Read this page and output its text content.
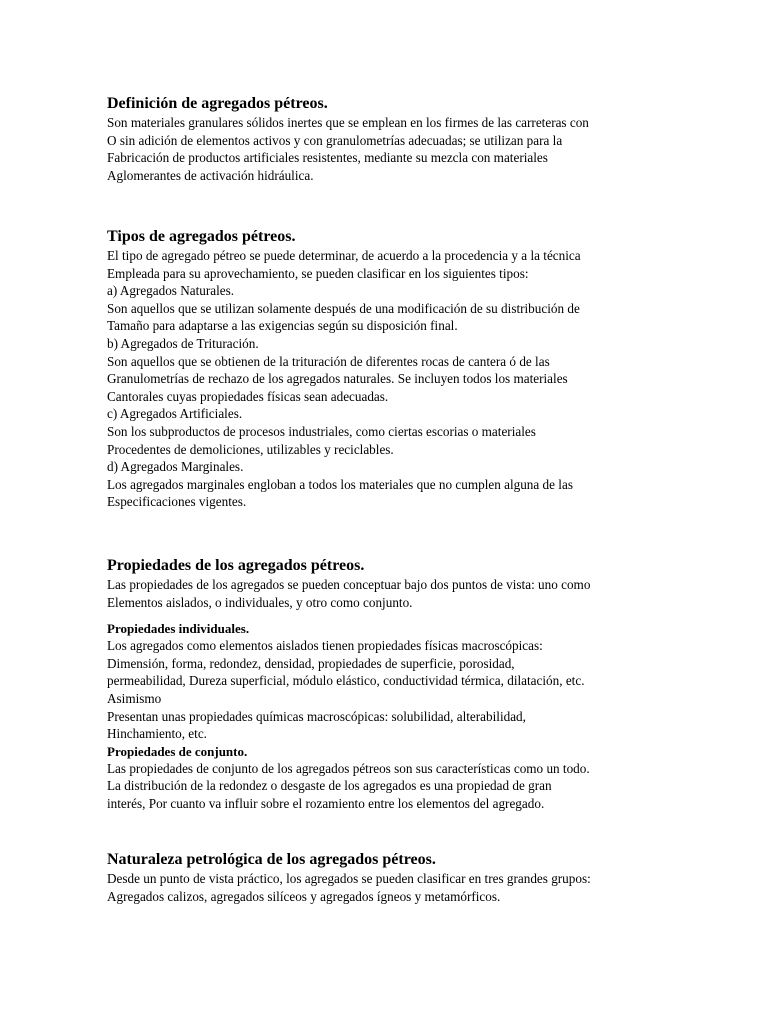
Definición de agregados pétreos.
Son materiales granulares sólidos inertes que se emplean en los firmes de las carreteras con
O sin adición de elementos activos y con granulometrías adecuadas; se utilizan para la
Fabricación de productos artificiales resistentes, mediante su mezcla con materiales
Aglomerantes de activación hidráulica.
Tipos de agregados pétreos.
El tipo de agregado pétreo se puede determinar, de acuerdo a la procedencia y a la técnica
Empleada para su aprovechamiento, se pueden clasificar en los siguientes tipos:
a) Agregados Naturales.
Son aquellos que se utilizan solamente después de una modificación de su distribución de
Tamaño para adaptarse a las exigencias según su disposición final.
b) Agregados de Trituración.
Son aquellos que se obtienen de la trituración de diferentes rocas de cantera ó de las
Granulometrías de rechazo de los agregados naturales. Se incluyen todos los materiales
Cantorales cuyas propiedades físicas sean adecuadas.
c) Agregados Artificiales.
Son los subproductos de procesos industriales, como ciertas escorias o materiales
Procedentes de demoliciones, utilizables y reciclables.
d) Agregados Marginales.
Los agregados marginales engloban a todos los materiales que no cumplen alguna de las
Especificaciones vigentes.
Propiedades de los agregados pétreos.
Las propiedades de los agregados se pueden conceptuar bajo dos puntos de vista: uno como
Elementos aislados, o individuales, y otro como conjunto.
Propiedades individuales.
Los agregados como elementos aislados tienen propiedades físicas macroscópicas:
Dimensión, forma, redondez, densidad, propiedades de superficie, porosidad,
permeabilidad, Dureza superficial, módulo elástico, conductividad térmica, dilatación, etc.
Asimismo
Presentan unas propiedades químicas macroscópicas: solubilidad, alterabilidad,
Hinchamiento, etc.
Propiedades de conjunto.
Las propiedades de conjunto de los agregados pétreos son sus características como un todo.
La distribución de la redondez o desgaste de los agregados es una propiedad de gran
interés, Por cuanto va influir sobre el rozamiento entre los elementos del agregado.
Naturaleza petrológica de los agregados pétreos.
Desde un punto de vista práctico, los agregados se pueden clasificar en tres grandes grupos:
Agregados calizos, agregados silíceos y agregados ígneos y metamórficos.
